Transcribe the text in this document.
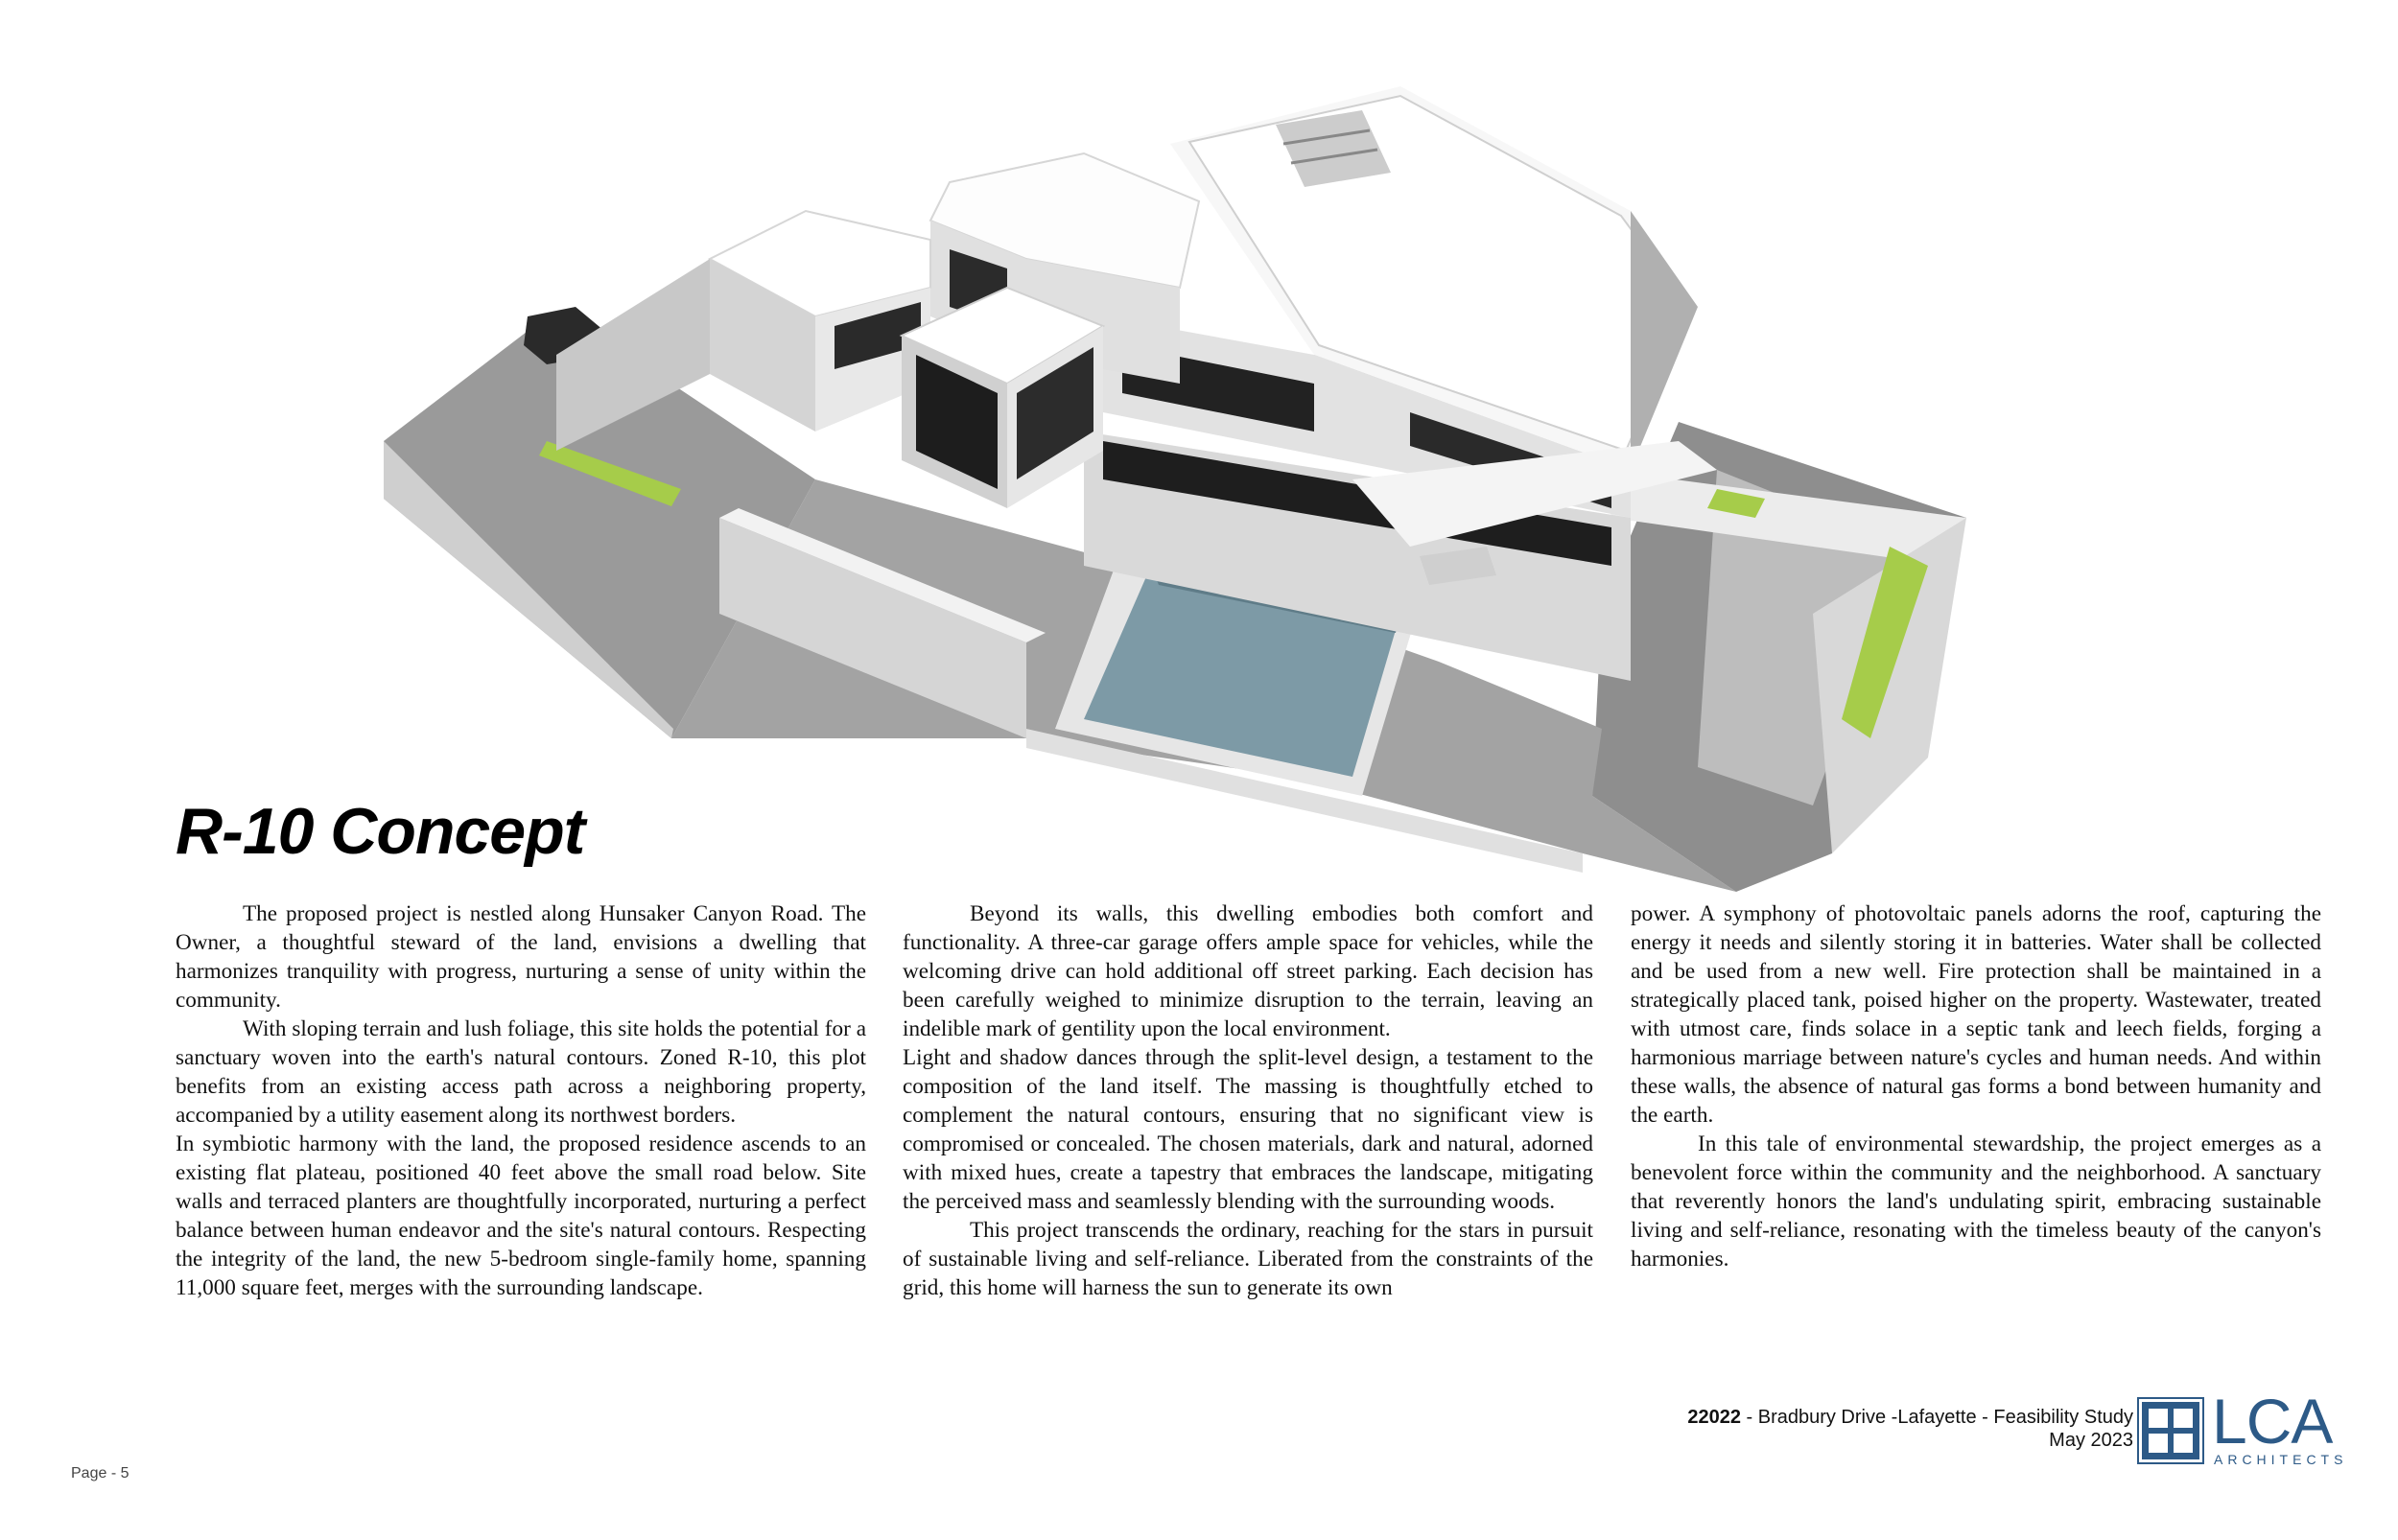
R-10 Concept

The proposed project is nestled along Hunsaker Canyon Road. The Owner, a thoughtful steward of the land, envisions a dwelling that harmonizes tranquility with progress, nurturing a sense of unity within the community.

With sloping terrain and lush foliage, this site holds the potential for a sanctuary woven into the earth's natural contours. Zoned R-10, this plot benefits from an existing access path across a neighboring property, accompanied by a utility easement along its northwest borders.

In symbiotic harmony with the land, the proposed residence ascends to an existing flat plateau, positioned 40 feet above the small road below. Site walls and terraced planters are thoughtfully incorporated, nurturing a perfect balance between human endeavor and the site's natural contours. Respecting the integrity of the land, the new 5-bedroom single-family home, spanning 11,000 square feet, merges with the surrounding landscape.

Beyond its walls, this dwelling embodies both comfort and functionality. A three-car garage offers ample space for vehicles, while the welcoming drive can hold additional off street parking. Each decision has been carefully weighed to minimize disruption to the terrain, leaving an indelible mark of gentility upon the local environment.

Light and shadow dances through the split-level design, a testament to the composition of the land itself. The massing is thoughtfully etched to complement the natural contours, ensuring that no significant view is compromised or concealed. The chosen materials, dark and natural, adorned with mixed hues, create a tapestry that embraces the landscape, mitigating the perceived mass and seamlessly blending with the surrounding woods.

This project transcends the ordinary, reaching for the stars in pursuit of sustainable living and self-reliance. Liberated from the constraints of the grid, this home will harness the sun to generate its own

power. A symphony of photovoltaic panels adorns the roof, capturing the energy it needs and silently storing it in batteries. Water shall be collected and be used from a new well. Fire protection shall be maintained in a strategically placed tank, poised higher on the property. Wastewater, treated with utmost care, finds solace in a septic tank and leech fields, forging a harmonious marriage between nature's cycles and human needs. And within these walls, the absence of natural gas forms a bond between humanity and the earth.

In this tale of environmental stewardship, the project emerges as a benevolent force within the community and the neighborhood. A sanctuary that reverently honors the land's undulating spirit, embracing sustainable living and self-reliance, resonating with the timeless beauty of the canyon's harmonies.

22022 - Bradbury Drive -Lafayette - Feasibility Study
May 2023 LCA
ARCHITECTS
Page - 5
